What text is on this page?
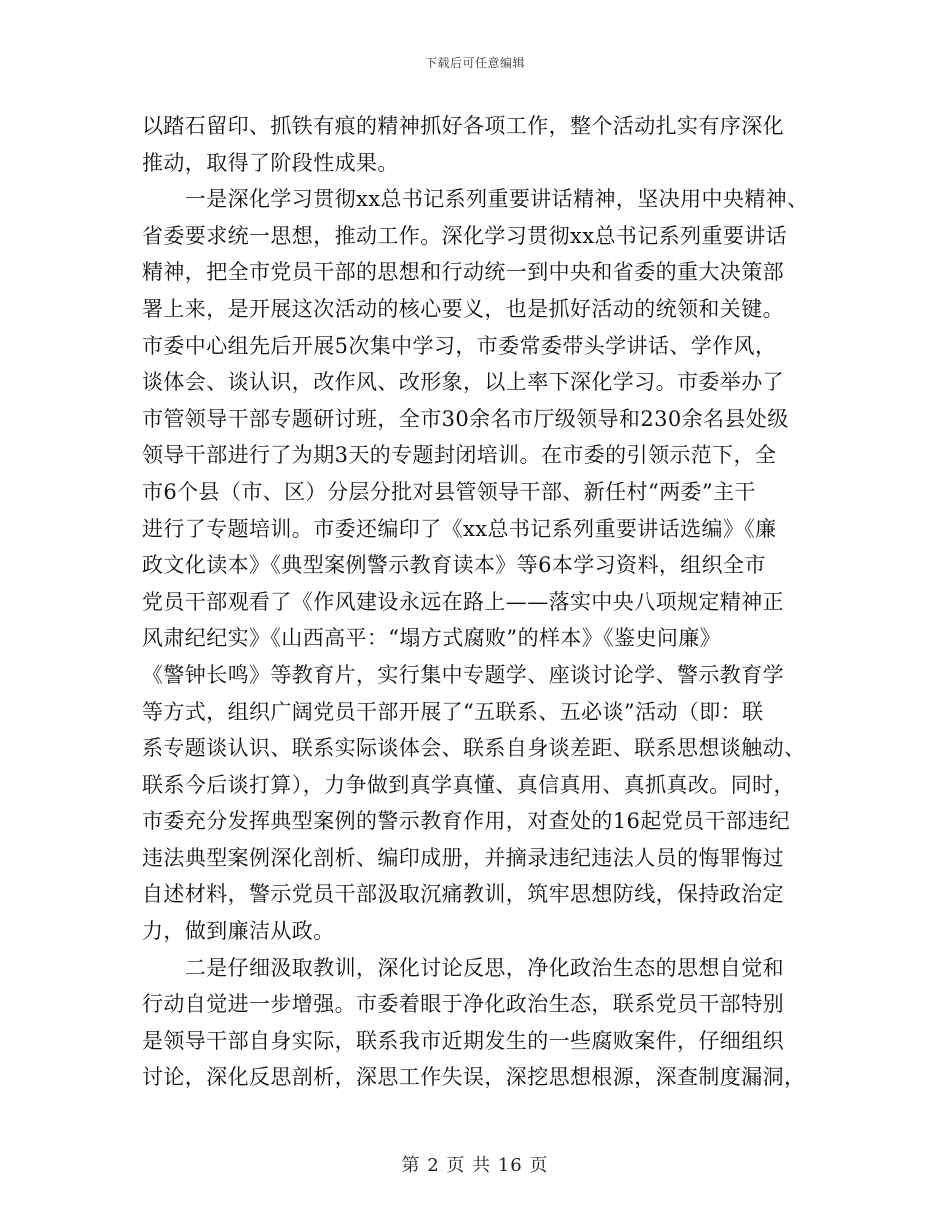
下载后可任意编辑
以踏石留印、抓铁有痕的精神抓好各项工作，整个活动扎实有序深化
推动，取得了阶段性成果。
　　一是深化学习贯彻xx总书记系列重要讲话精神，坚决用中央精神、
省委要求统一思想，推动工作。深化学习贯彻xx总书记系列重要讲话
精神，把全市党员干部的思想和行动统一到中央和省委的重大决策部
署上来，是开展这次活动的核心要义，也是抓好活动的统领和关键。
市委中心组先后开展5次集中学习，市委常委带头学讲话、学作风，
谈体会、谈认识，改作风、改形象，以上率下深化学习。市委举办了
市管领导干部专题研讨班，全市30余名市厅级领导和230余名县处级
领导干部进行了为期3天的专题封闭培训。在市委的引领示范下，全
市6个县（市、区）分层分批对县管领导干部、新任村“两委”主干
进行了专题培训。市委还编印了《xx总书记系列重要讲话选编》《廉
政文化读本》《典型案例警示教育读本》等6本学习资料，组织全市
党员干部观看了《作风建设永远在路上——落实中央八项规定精神正
风肃纪纪实》《山西高平：“塌方式腐败”的样本》《鉴史问廉》
《警钟长鸣》等教育片，实行集中专题学、座谈讨论学、警示教育学
等方式，组织广阔党员干部开展了“五联系、五必谈”活动（即：联
系专题谈认识、联系实际谈体会、联系自身谈差距、联系思想谈触动、
联系今后谈打算），力争做到真学真懂、真信真用、真抓真改。同时，
市委充分发挥典型案例的警示教育作用，对查处的16起党员干部违纪
违法典型案例深化剖析、编印成册，并摘录违纪违法人员的悔罪悔过
自述材料，警示党员干部汲取沉痛教训，筑牢思想防线，保持政治定
力，做到廉洁从政。
　　二是仔细汲取教训，深化讨论反思，净化政治生态的思想自觉和
行动自觉进一步增强。市委着眼于净化政治生态，联系党员干部特别
是领导干部自身实际，联系我市近期发生的一些腐败案件，仔细组织
讨论，深化反思剖析，深思工作失误，深挖思想根源，深查制度漏洞，
第 2 页 共 16 页
